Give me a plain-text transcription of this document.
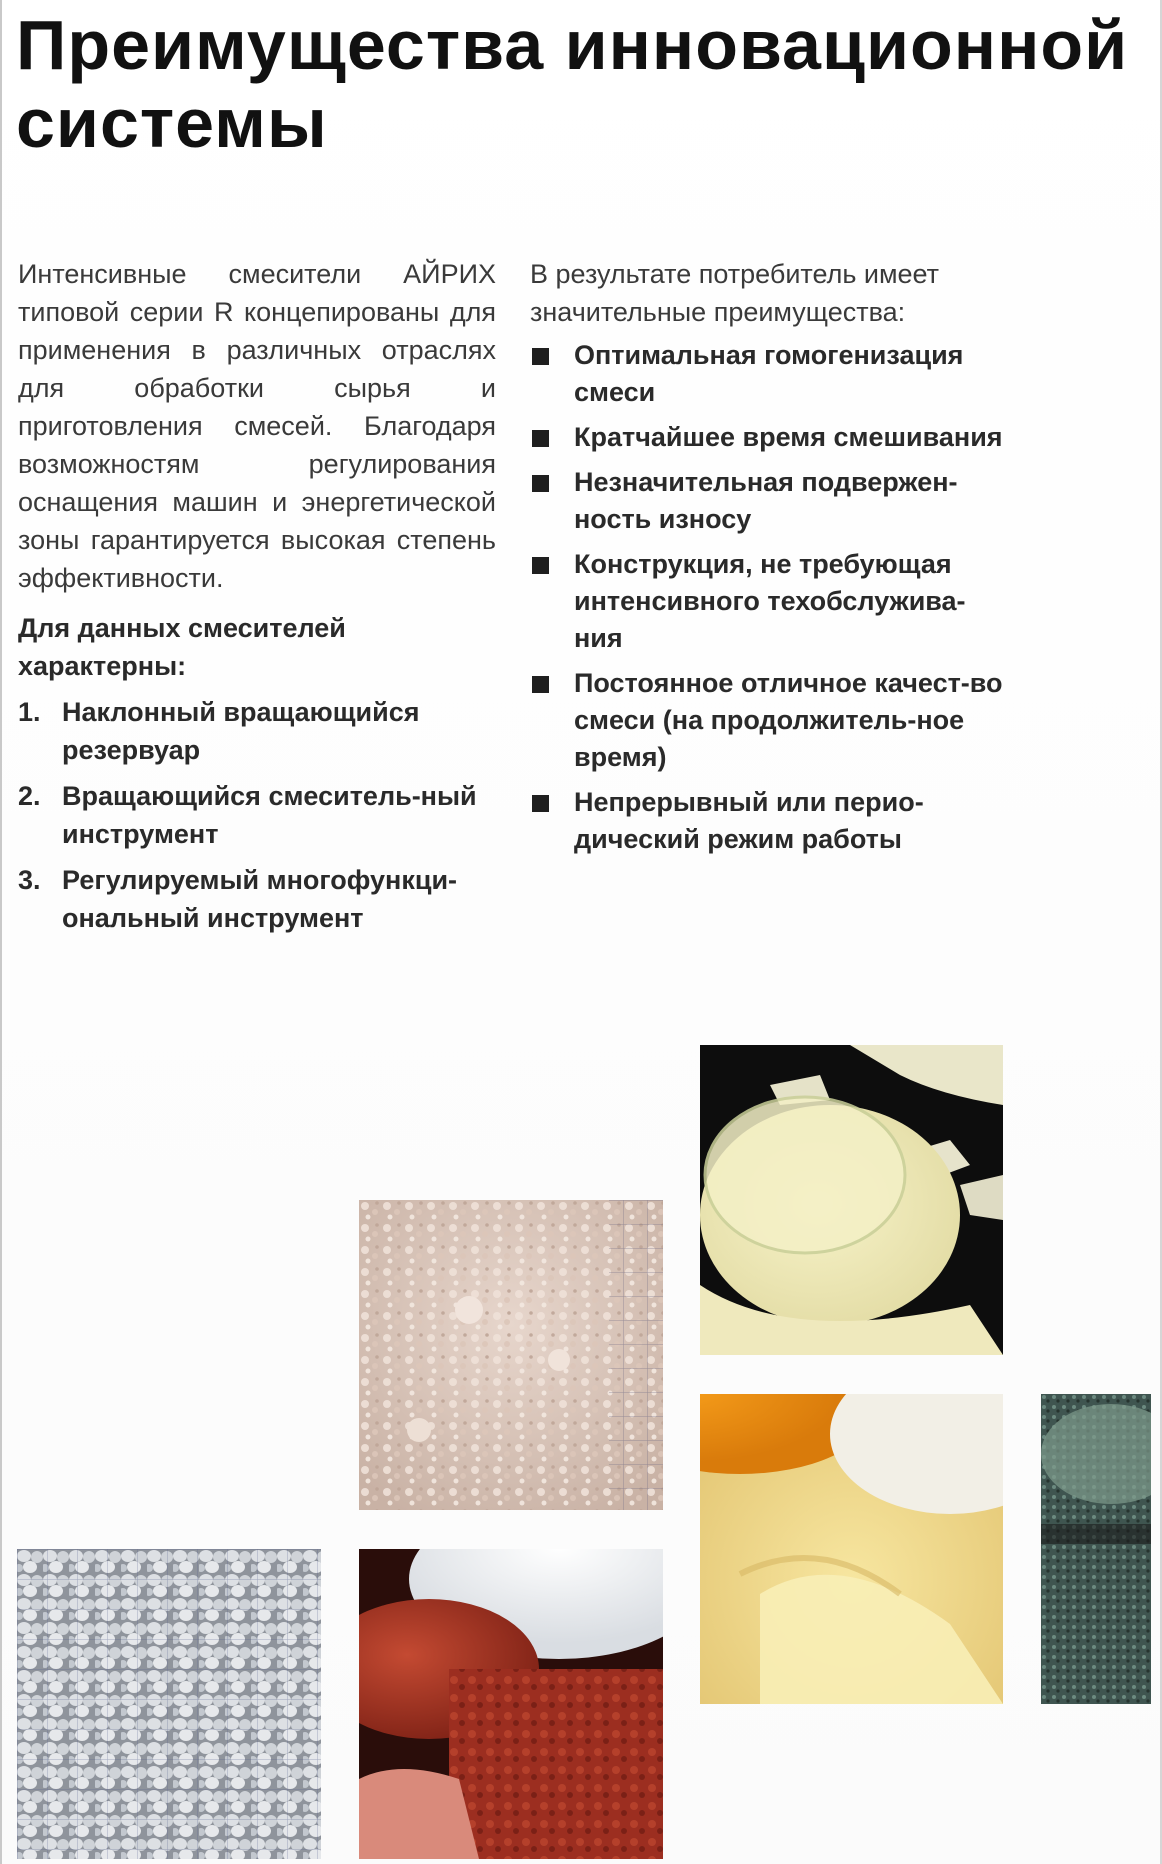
Преимущества инновационной системы

Интенсивные смесители АЙРИХ типовой серии R концепированы для применения в различных отраслях для обработки сырья и приготовления смесей. Благодаря возможностям регулирования оснащения машин и энергетической зоны гарантируется высокая степень эффективности.

Для данных смесителей характерны:

1. Наклонный вращающийся резервуар
2. Вращающийся смеситель-ный инструмент
3. Регулируемый многофункци-ональный инструмент

В результате потребитель имеет значительные преимущества:

Оптимальная гомогенизация смеси
Кратчайшее время смешивания
Незначительная подвержен-ность износу
Конструкция, не требующая интенсивного техобслужива-ния
Постоянное отличное качест-во смеси (на продолжитель-ное время)
Непрерывный или перио-дический режим работы
